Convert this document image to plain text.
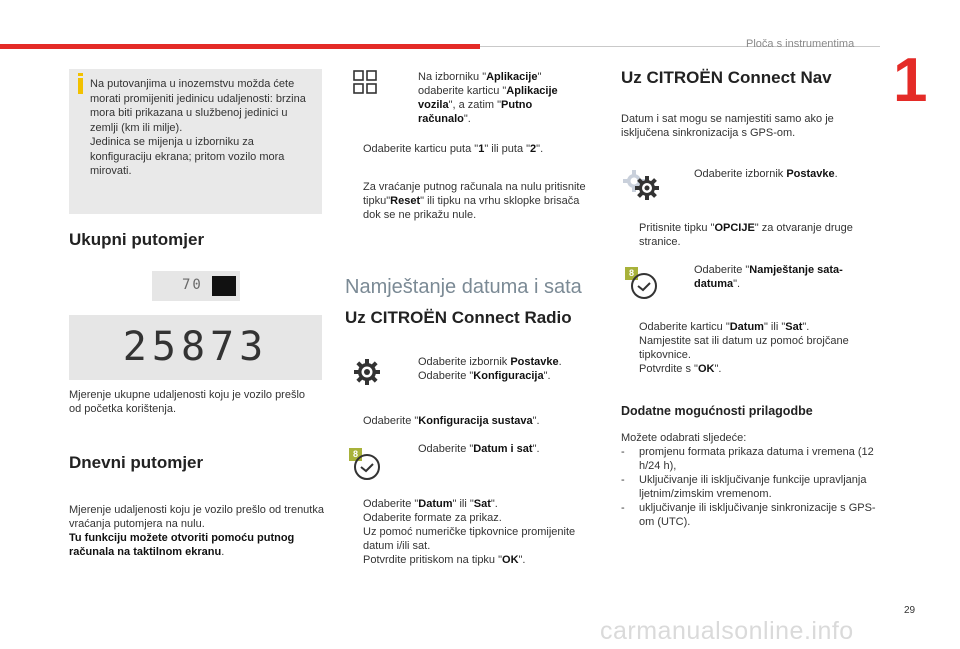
Ploča s instrumentima
1
29
carmanualsonline.info

Na putovanjima u inozemstvu možda ćete morati promijeniti jedinicu udaljenosti: brzina mora biti prikazana u službenoj jedinici u zemlji (km ili milje).
Jedinica se mijenja u izborniku za konfiguraciju ekrana; pritom vozilo mora mirovati.

Ukupni putomjer
70
25873
Mjerenje ukupne udaljenosti koju je vozilo prešlo od početka korištenja.
Dnevni putomjer
Mjerenje udaljenosti koju je vozilo prešlo od trenutka vraćanja putomjera na nulu.
Tu funkciju možete otvoriti pomoću putnog računala na taktilnom ekranu.
Na izborniku "Aplikacije" odaberite karticu "Aplikacije vozila", a zatim "Putno računalo".
Odaberite karticu puta "1" ili puta "2".
Za vraćanje putnog računala na nulu pritisnite tipku"Reset" ili tipku na vrhu sklopke brisača dok se ne prikažu nule.
Namještanje datuma i sata
Uz CITROËN Connect Radio
Odaberite izbornik Postavke.
Odaberite "Konfiguracija".
Odaberite "Konfiguracija sustava".
8	Odaberite "Datum i sat".
Odaberite "Datum" ili "Sat".
Odaberite formate za prikaz.
Uz pomoć numeričke tipkovnice promijenite datum i/ili sat.
Potvrdite pritiskom na tipku "OK".
Uz CITROËN Connect Nav
Datum i sat mogu se namjestiti samo ako je isključena sinkronizacija s GPS-om.
Odaberite izbornik Postavke.
Pritisnite tipku "OPCIJE" za otvaranje druge stranice.
8	Odaberite "Namještanje sata-datuma".
Odaberite karticu "Datum" ili "Sat".
Namjestite sat ili datum uz pomoć brojčane tipkovnice.
Potvrdite s "OK".
Dodatne mogućnosti prilagodbe
Možete odabrati sljedeće:
-	promjenu formata prikaza datuma i vremena (12 h/24 h),
-	Uključivanje ili isključivanje funkcije upravljanja ljetnim/zimskim vremenom.
-	uključivanje ili isključivanje sinkronizacije s GPS-om (UTC).
